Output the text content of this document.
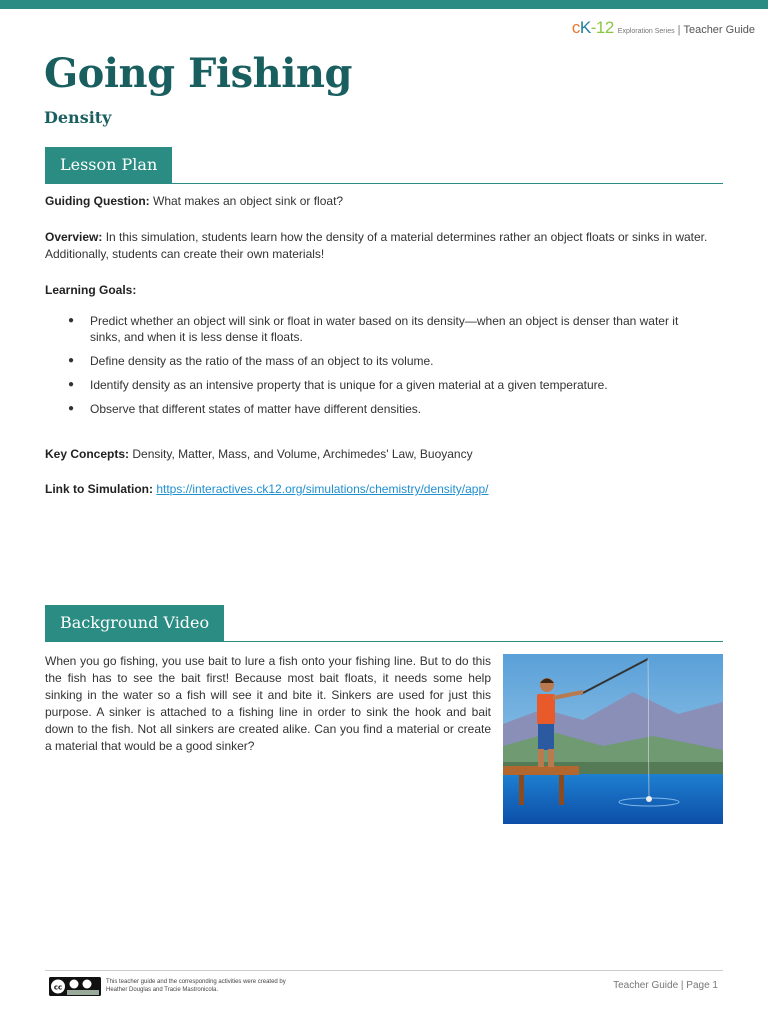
cK-12 Exploration Series | Teacher Guide
Going Fishing
Density
Lesson Plan

Guiding Question: What makes an object sink or float?

Overview: In this simulation, students learn how the density of a material determines rather an object floats or sinks in water. Additionally, students can create their own materials!

Learning Goals:

● Predict whether an object will sink or float in water based on its density—when an object is denser than water it sinks, and when it is less dense it floats.
● Define density as the ratio of the mass of an object to its volume.
● Identify density as an intensive property that is unique for a given material at a given temperature.
● Observe that different states of matter have different densities.

Key Concepts: Density, Matter, Mass, and Volume, Archimedes' Law, Buoyancy

Link to Simulation: https://interactives.ck12.org/simulations/chemistry/density/app/

Background Video

When you go fishing, you use bait to lure a fish onto your fishing line. But to do this the fish has to see the bait first! Because most bait floats, it needs some help sinking in the water so a fish will see it and bite it. Sinkers are used for just this purpose. A sinker is attached to a fishing line in order to sink the hook and bait down to the fish. Not all sinkers are created alike. Can you find a material or create a material that would be a good sinker?

cc
This teacher guide and the corresponding activities were created by Heather Douglas and Tracie Mastronicola.	Teacher Guide | Page 1
